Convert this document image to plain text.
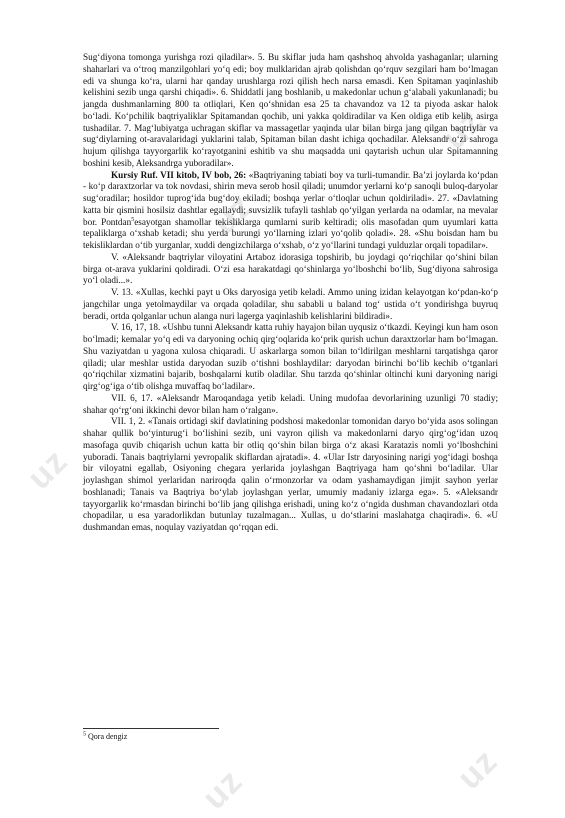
uz
uz
uz
uz	uz

Sug‘diyona tomonga yurishga rozi qiladilar». 5. Bu skiflar juda ham qashshoq ahvolda yashaganlar; ularning shaharlari va o‘troq manzilgohlari yo‘q edi; boy mulklaridan ajrab qolishdan qo‘rquv sezgilari ham bo‘lmagan edi va shunga ko‘ra, ularni har qanday urushlarga rozi qilish hech narsa emasdi. Ken Spitaman yaqinlashib kelishini sezib unga qarshi chiqadi». 6. Shiddatli jang boshlanib, u makedonlar uchun g‘alabali yakunlanadi; bu jangda dushmanlarning 800 ta otliqlari, Ken qo‘shnidan esa 25 ta chavandoz va 12 ta piyoda askar halok bo‘ladi. Ko‘pchilik baqtriyaliklar Spitamandan qochib, uni yakka qoldiradilar va Ken oldiga etib kelib, asirga tushadilar. 7. Mag‘lubiyatga uchragan skiflar va massagetlar yaqinda ular bilan birga jang qilgan baqtriylar va sug‘diylarning ot-aravalaridagi yuklarini talab, Spitaman bilan dasht ichiga qochadilar. Aleksandr o‘zi sahroga hujum qilishga tayyorgarlik ko‘rayotganini eshitib va shu maqsadda uni qaytarish uchun ular Spitamanning boshini kesib, Aleksandrga yuboradilar».

Kursiy Ruf. VII kitob, IV bob, 26: «Baqtriyaning tabiati boy va turli-tumandir. Ba’zi joylarda ko‘pdan - ko‘p daraxtzorlar va tok novdasi, shirin meva serob hosil qiladi; unumdor yerlarni ko‘p sanoqli buloq-daryolar sug‘oradilar; hosildor tuprog‘ida bug‘doy ekiladi; boshqa yerlar o‘tloqlar uchun qoldiriladi». 27. «Davlatning katta bir qismini hosilsiz dashtlar egallaydi; suvsizlik tufayli tashlab qo‘yilgan yerlarda na odamlar, na mevalar bor. Pontdan$^5$esayotgan shamollar tekisliklarga qumlarni surib keltiradi; olis masofadan qum uyumlari katta tepaliklarga o‘xshab ketadi; shu yerda burungi yo‘llarning izlari yo‘qolib qoladi». 28. «Shu boisdan ham bu tekisliklardan o‘tib yurganlar, xuddi dengizchilarga o‘xshab, o‘z yo‘llarini tundagi yulduzlar orqali topadilar».

V. «Aleksandr baqtriylar viloyatini Artaboz idorasiga topshirib, bu joydagi qo‘riqchilar qo‘shini bilan birga ot-arava yuklarini qoldiradi. O‘zi esa harakatdagi qo‘shinlarga yo‘lboshchi bo‘lib, Sug‘diyona sahrosiga yo‘l oladi...».

V. 13. «Xullas, kechki payt u Oks daryosiga yetib keladi. Ammo uning izidan kelayotgan ko‘pdan-ko‘p jangchilar unga yetolmaydilar va orqada qoladilar, shu sababli u baland tog‘ ustida o‘t yondirishga buyruq beradi, ortda qolganlar uchun alanga nuri lagerga yaqinlashib kelishlarini bildiradi».

V. 16, 17, 18. «Ushbu tunni Aleksandr katta ruhiy hayajon bilan uyqusiz o‘tkazdi. Keyingi kun ham oson bo‘lmadi; kemalar yo‘q edi va daryoning ochiq qirg‘oqlarida ko‘prik qurish uchun daraxtzorlar ham bo‘lmagan. Shu vaziyatdan u yagona xulosa chiqaradi. U askarlarga somon bilan to‘ldirilgan meshlarni tarqatishga qaror qiladi; ular meshlar ustida daryodan suzib o‘tishni boshlaydilar: daryodan birinchi bo‘lib kechib o‘tganlari qo‘riqchilar xizmatini bajarib, boshqalarni kutib oladilar. Shu tarzda qo‘shinlar oltinchi kuni daryoning narigi qirg‘og‘iga o‘tib olishga muvaffaq bo‘ladilar».

VII. 6, 17. «Aleksandr Maroqandaga yetib keladi. Uning mudofaa devorlarining uzunligi 70 stadiy; shahar qo‘rg‘oni ikkinchi devor bilan ham o‘ralgan».

VII. 1, 2. «Tanais ortidagi skif davlatining podshosi makedonlar tomonidan daryo bo‘yida asos solingan shahar qullik bo‘yinturug‘i bo‘lishini sezib, uni vayron qilish va makedonlarni daryo qirg‘og‘idan uzoq masofaga quvib chiqarish uchun katta bir otliq qo‘shin bilan birga o‘z akasi Karatazis nomli yo‘lboshchini yuboradi. Tanais baqtriylarni yevropalik skiflardan ajratadi». 4. «Ular Istr daryosining narigi yog‘idagi boshqa bir viloyatni egallab, Osiyoning chegara yerlarida joylashgan Baqtriyaga ham qo‘shni bo‘ladilar. Ular joylashgan shimol yerlaridan nariroqda qalin o‘rmonzorlar va odam yashamaydigan jimjit sayhon yerlar boshlanadi; Tanais va Baqtriya bo‘ylab joylashgan yerlar, umumiy madaniy izlarga ega». 5. «Aleksandr tayyorgarlik ko‘rmasdan birinchi bo‘lib jang qilishga erishadi, uning ko‘z o‘ngida dushman chavandozlari otda chopadilar, u esa yaradorlikdan butunlay tuzalmagan... Xullas, u do‘stlarini maslahatga chaqiradi». 6. «U dushmandan emas, noqulay vaziyatdan qo‘rqqan edi.

$^5$ Qora dengiz
